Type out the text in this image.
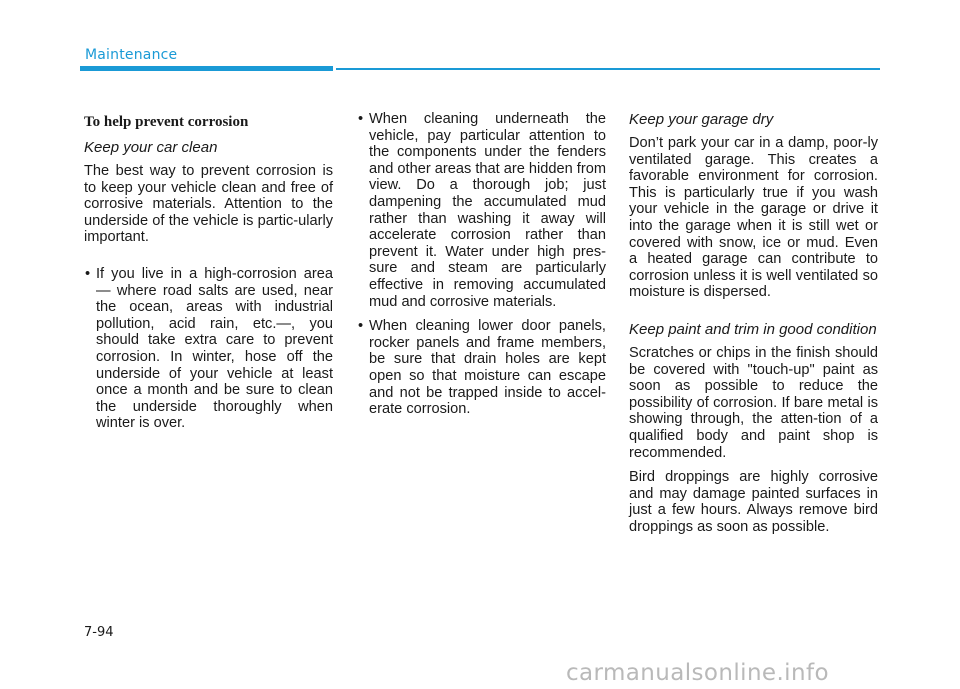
Maintenance
To help prevent corrosion
Keep your car clean
The best way to prevent corrosion is to keep your vehicle clean and free of corrosive materials. Attention to the underside of the vehicle is partic-ularly important.
• If you live in a high-corrosion area — where road salts are used, near the ocean, areas with industrial pollution, acid rain, etc.—, you should take extra care to prevent corrosion. In winter, hose off the underside of your vehicle at least once a month and be sure to clean the underside thoroughly when winter is over.
• When cleaning underneath the vehicle, pay particular attention to the components under the fenders and other areas that are hidden from view. Do a thorough job; just dampening the accumulated mud rather than washing it away will accelerate corrosion rather than prevent it. Water under high pres-sure and steam are particularly effective in removing accumulated mud and corrosive materials.
• When cleaning lower door panels, rocker panels and frame members, be sure that drain holes are kept open so that moisture can escape and not be trapped inside to accel-erate corrosion.
Keep your garage dry
Don’t park your car in a damp, poor-ly ventilated garage. This creates a favorable environment for corrosion. This is particularly true if you wash your vehicle in the garage or drive it into the garage when it is still wet or covered with snow, ice or mud. Even a heated garage can contribute to corrosion unless it is well ventilated so moisture is dispersed.
Keep paint and trim in good condition
Scratches or chips in the finish should be covered with "touch-up" paint as soon as possible to reduce the possibility of corrosion. If bare metal is showing through, the atten-tion of a qualified body and paint shop is recommended.
Bird droppings are highly corrosive and may damage painted surfaces in just a few hours. Always remove bird droppings as soon as possible.
7-94
carmanualsonline.info
